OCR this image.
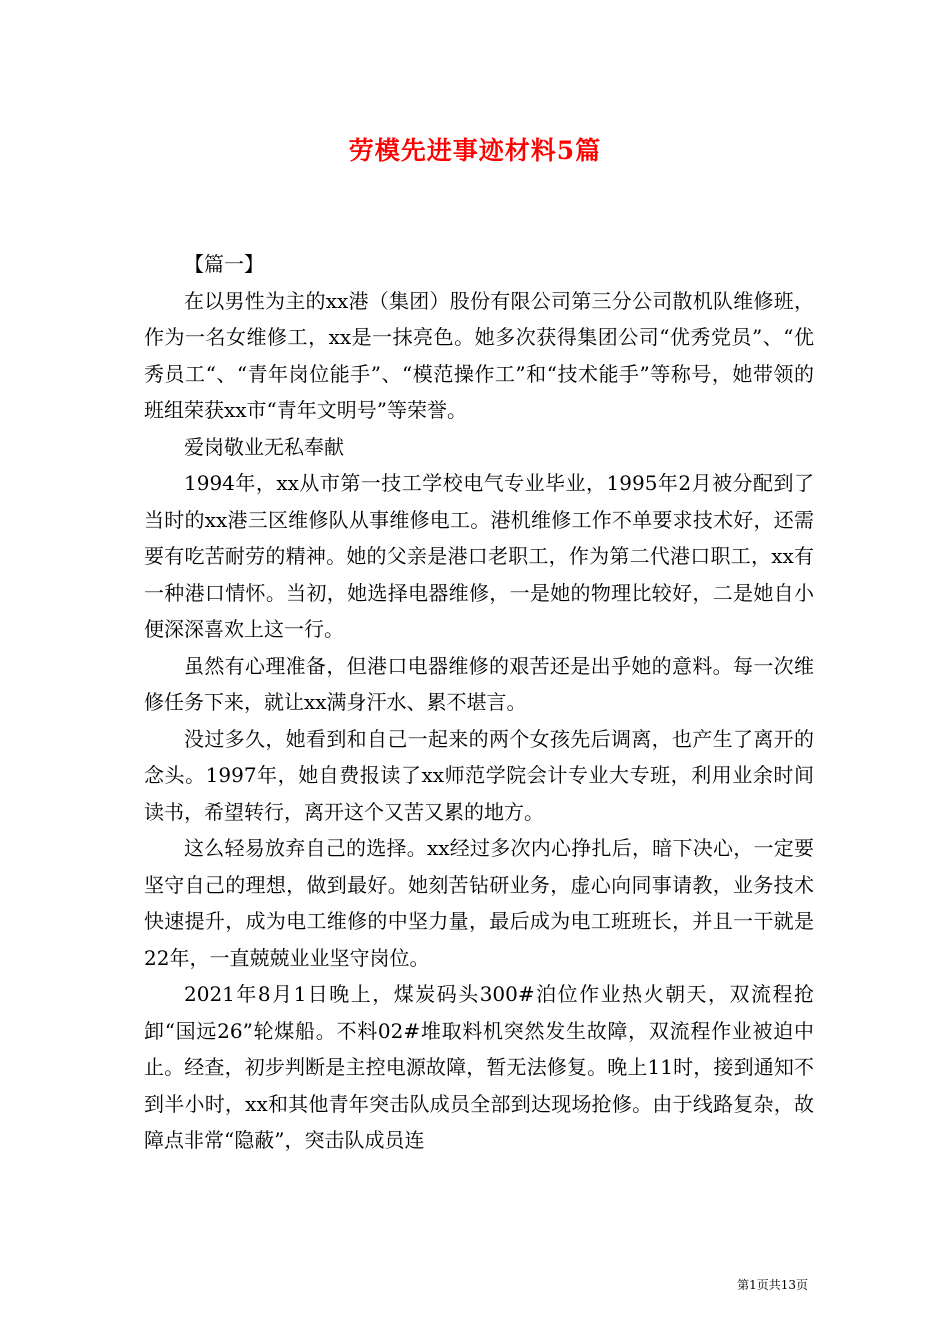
劳模先进事迹材料5篇

【篇一】

在以男性为主的xx港（集团）股份有限公司第三分公司散机队维修班，作为一名女维修工，xx是一抹亮色。她多次获得集团公司“优秀党员”、“优秀员工“、“青年岗位能手”、“模范操作工”和“技术能手”等称号，她带领的班组荣获xx市“青年文明号”等荣誉。

爱岗敬业无私奉献

1994年，xx从市第一技工学校电气专业毕业，1995年2月被分配到了当时的xx港三区维修队从事维修电工。港机维修工作不单要求技术好，还需要有吃苦耐劳的精神。她的父亲是港口老职工，作为第二代港口职工，xx有一种港口情怀。当初，她选择电器维修，一是她的物理比较好，二是她自小便深深喜欢上这一行。

虽然有心理准备，但港口电器维修的艰苦还是出乎她的意料。每一次维修任务下来，就让xx满身汗水、累不堪言。

没过多久，她看到和自己一起来的两个女孩先后调离，也产生了离开的念头。1997年，她自费报读了xx师范学院会计专业大专班，利用业余时间读书，希望转行，离开这个又苦又累的地方。

这么轻易放弃自己的选择。xx经过多次内心挣扎后，暗下决心，一定要坚守自己的理想，做到最好。她刻苦钻研业务，虚心向同事请教，业务技术快速提升，成为电工维修的中坚力量，最后成为电工班班长，并且一干就是22年，一直兢兢业业坚守岗位。

2021年8月1日晚上，煤炭码头300#泊位作业热火朝天，双流程抢卸“国远26”轮煤船。不料02#堆取料机突然发生故障，双流程作业被迫中止。经查，初步判断是主控电源故障，暂无法修复。晚上11时，接到通知不到半小时，xx和其他青年突击队成员全部到达现场抢修。由于线路复杂，故障点非常“隐蔽”，突击队成员连

第1页共13页
